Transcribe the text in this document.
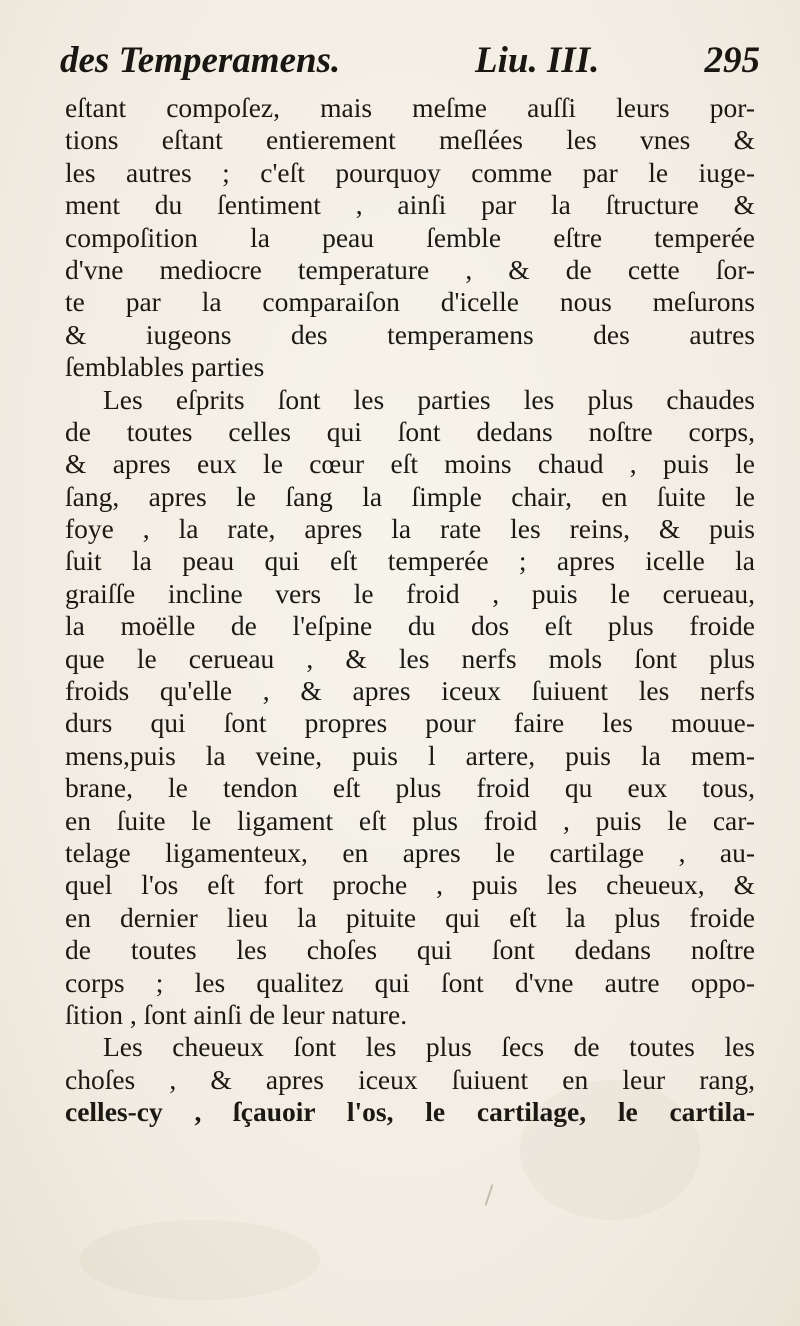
des Temperamens.	Liu. III.	295
eſtant compoſez, mais meſme auſſi leurs por-
tions eſtant entierement meſlées les vnes &
les autres ; c'eſt pourquoy comme par le iuge-
ment du ſentiment , ainſi par la ſtructure &
compoſition la peau ſemble eſtre temperée
d'vne mediocre temperature , & de cette ſor-
te par la comparaiſon d'icelle nous meſurons
& iugeons des temperamens des autres
ſemblables parties
Les eſprits ſont les parties les plus chaudes
de toutes celles qui ſont dedans noſtre corps,
& apres eux le cœur eſt moins chaud , puis le
ſang, apres le ſang la ſimple chair, en ſuite le
foye , la rate, apres la rate les reins, & puis
ſuit la peau qui eſt temperée ; apres icelle la
graiſſe incline vers le froid , puis le cerueau,
la moëlle de l'eſpine du dos eſt plus froide
que le cerueau , & les nerfs mols ſont plus
froids qu'elle , & apres iceux ſuiuent les nerfs
durs qui ſont propres pour faire les mouue-
mens,puis la veine, puis l artere, puis la mem-
brane, le tendon eſt plus froid qu eux tous,
en ſuite le ligament eſt plus froid , puis le car-
telage ligamenteux, en apres le cartilage , au-
quel l'os eſt fort proche , puis les cheueux, &
en dernier lieu la pituite qui eſt la plus froide
de toutes les choſes qui ſont dedans noſtre
corps ; les qualitez qui ſont d'vne autre oppo-
ſition , ſont ainſi de leur nature.
Les cheueux ſont les plus ſecs de toutes les
choſes , & apres iceux ſuiuent en leur rang,
celles-cy , ſçauoir l'os, le cartilage, le cartila-
